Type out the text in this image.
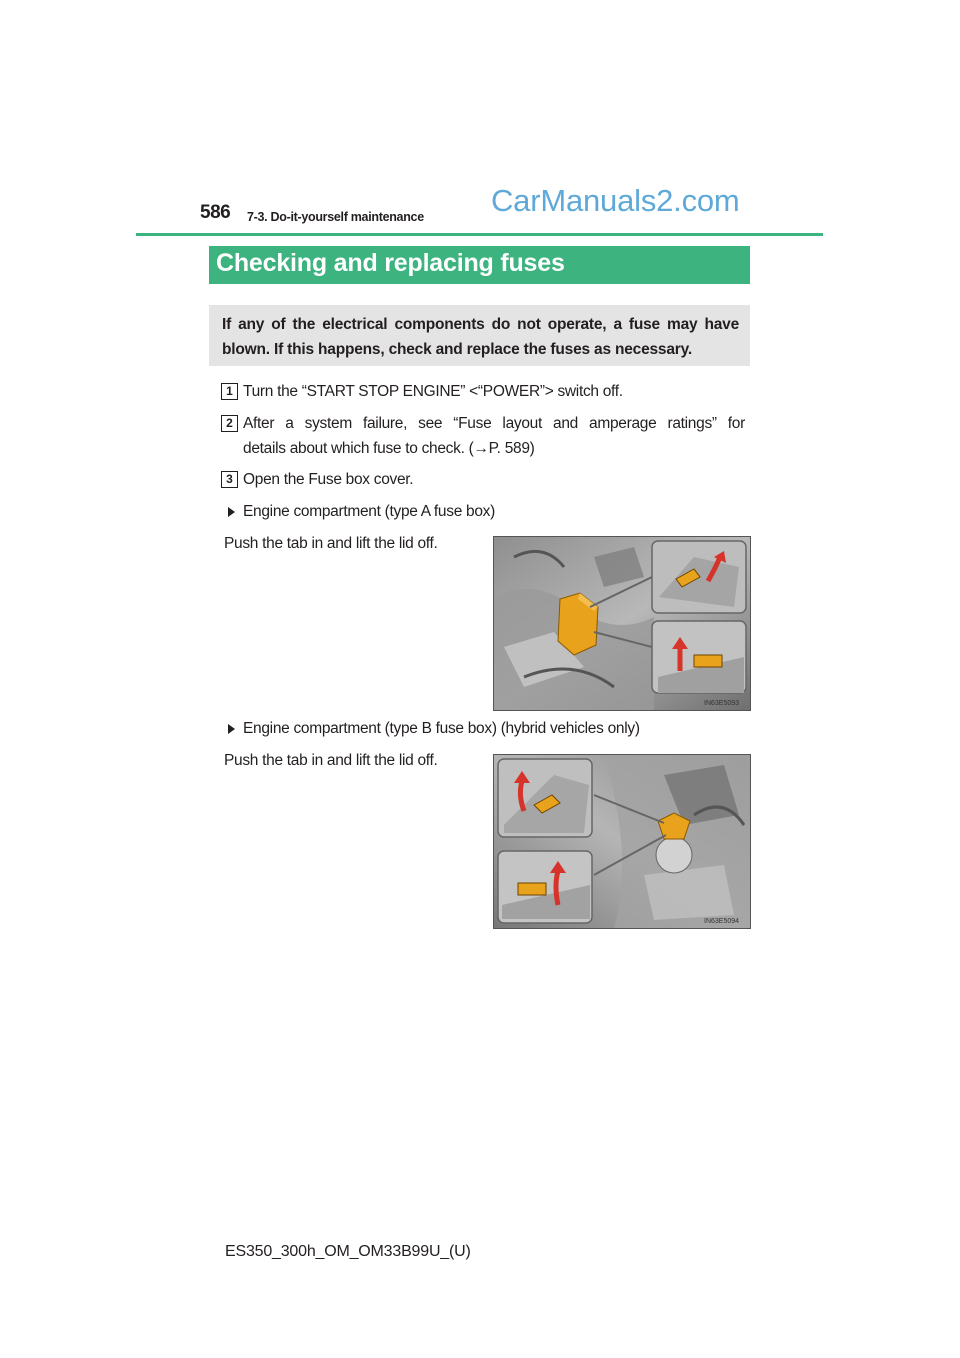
586 7-3. Do-it-yourself maintenance CarManuals2.com
Checking and replacing fuses
If any of the electrical components do not operate, a fuse may have blown. If this happens, check and replace the fuses as necessary.
1 Turn the “START STOP ENGINE” <“POWER”> switch off.
2 After a system failure, see “Fuse layout and amperage ratings” for
details about which fuse to check. (→P. 589)
3 Open the Fuse box cover.
Engine compartment (type A fuse box)
Push the tab in and lift the lid off.
IN63E5093
Engine compartment (type B fuse box) (hybrid vehicles only)
Push the tab in and lift the lid off.
IN63E5094
ES350_300h_OM_OM33B99U_(U)
